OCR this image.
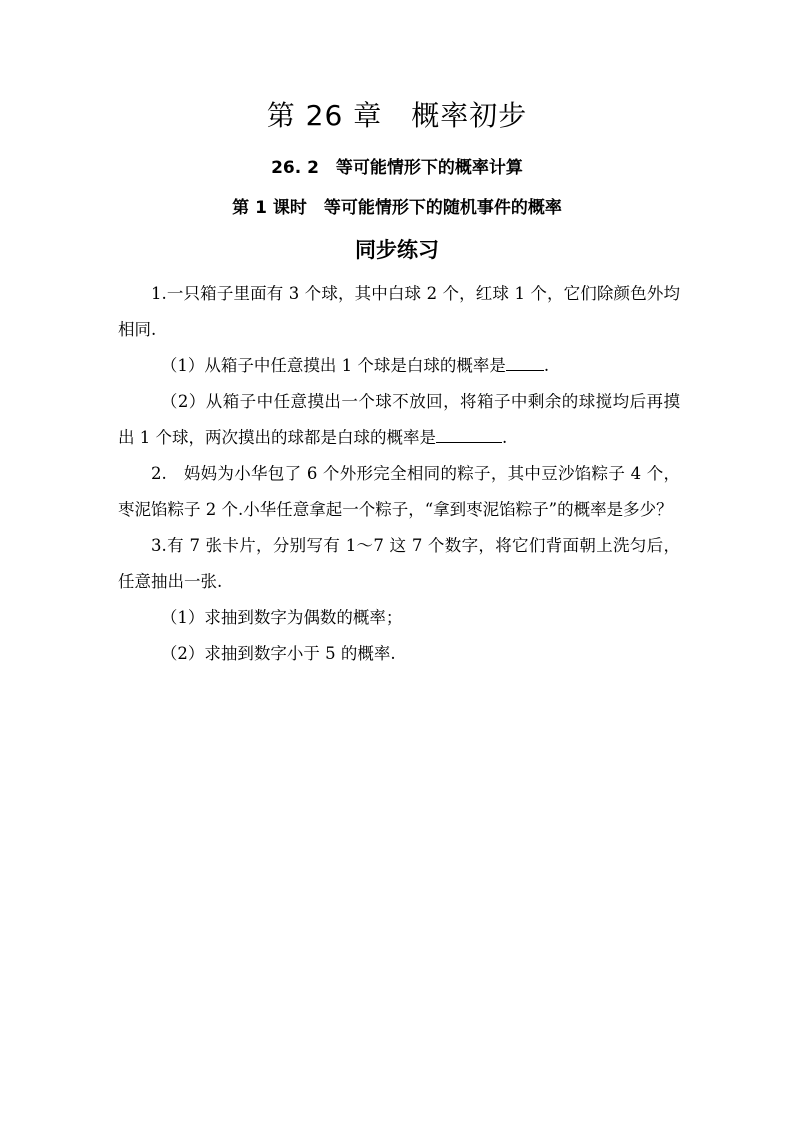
第 26 章　概率初步
26. 2　等可能情形下的概率计算
第 1 课时　等可能情形下的随机事件的概率
同步练习

1.一只箱子里面有 3 个球，其中白球 2 个，红球 1 个，它们除颜色外均相同.

（1）从箱子中任意摸出 1 个球是白球的概率是 .

（2）从箱子中任意摸出一个球不放回，将箱子中剩余的球搅均后再摸出 1 个球，两次摸出的球都是白球的概率是	.

2.　妈妈为小华包了 6 个外形完全相同的粽子，其中豆沙馅粽子 4 个，枣泥馅粽子 2 个.小华任意拿起一个粽子，“拿到枣泥馅粽子”的概率是多少？

3.有 7 张卡片，分别写有 1～7 这 7 个数字，将它们背面朝上洗匀后，任意抽出一张.

（1）求抽到数字为偶数的概率；

（2）求抽到数字小于 5 的概率.
